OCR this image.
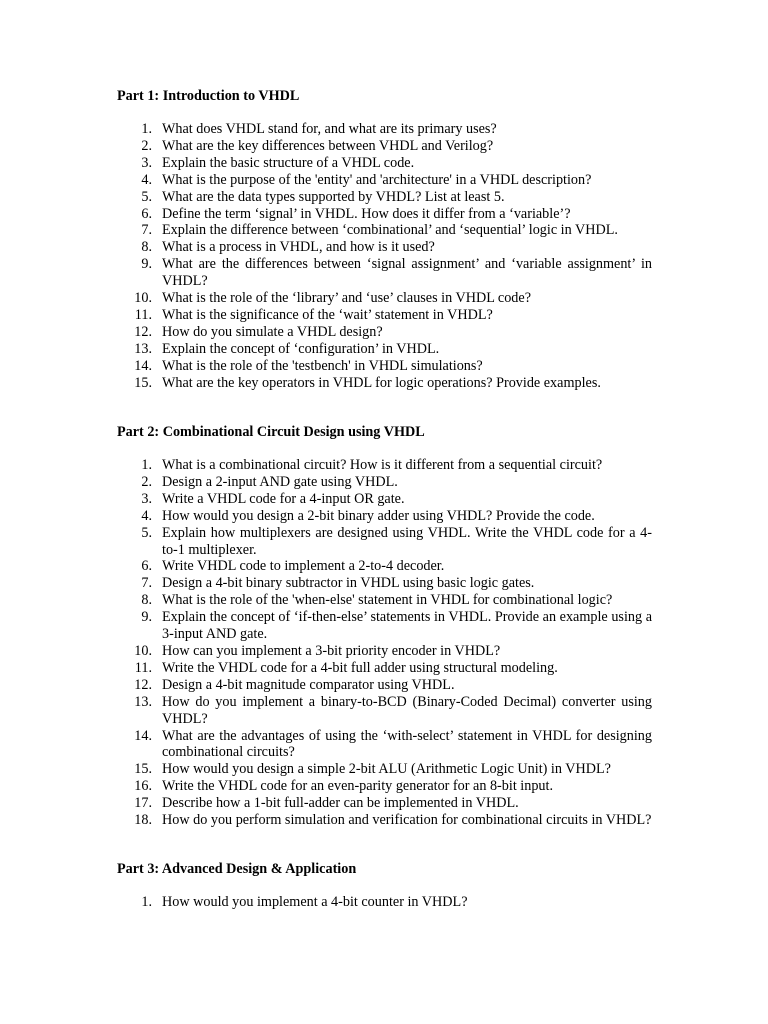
Part 1: Introduction to VHDL
1. What does VHDL stand for, and what are its primary uses?
2. What are the key differences between VHDL and Verilog?
3. Explain the basic structure of a VHDL code.
4. What is the purpose of the 'entity' and 'architecture' in a VHDL description?
5. What are the data types supported by VHDL? List at least 5.
6. Define the term ‘signal’ in VHDL. How does it differ from a ‘variable’?
7. Explain the difference between ‘combinational’ and ‘sequential’ logic in VHDL.
8. What is a process in VHDL, and how is it used?
9. What are the differences between ‘signal assignment’ and ‘variable assignment’ in VHDL?
10. What is the role of the ‘library’ and ‘use’ clauses in VHDL code?
11. What is the significance of the ‘wait’ statement in VHDL?
12. How do you simulate a VHDL design?
13. Explain the concept of ‘configuration’ in VHDL.
14. What is the role of the 'testbench' in VHDL simulations?
15. What are the key operators in VHDL for logic operations? Provide examples.
Part 2: Combinational Circuit Design using VHDL
1. What is a combinational circuit? How is it different from a sequential circuit?
2. Design a 2-input AND gate using VHDL.
3. Write a VHDL code for a 4-input OR gate.
4. How would you design a 2-bit binary adder using VHDL? Provide the code.
5. Explain how multiplexers are designed using VHDL. Write the VHDL code for a 4-to-1 multiplexer.
6. Write VHDL code to implement a 2-to-4 decoder.
7. Design a 4-bit binary subtractor in VHDL using basic logic gates.
8. What is the role of the 'when-else' statement in VHDL for combinational logic?
9. Explain the concept of ‘if-then-else’ statements in VHDL. Provide an example using a 3-input AND gate.
10. How can you implement a 3-bit priority encoder in VHDL?
11. Write the VHDL code for a 4-bit full adder using structural modeling.
12. Design a 4-bit magnitude comparator using VHDL.
13. How do you implement a binary-to-BCD (Binary-Coded Decimal) converter using VHDL?
14. What are the advantages of using the ‘with-select’ statement in VHDL for designing combinational circuits?
15. How would you design a simple 2-bit ALU (Arithmetic Logic Unit) in VHDL?
16. Write the VHDL code for an even-parity generator for an 8-bit input.
17. Describe how a 1-bit full-adder can be implemented in VHDL.
18. How do you perform simulation and verification for combinational circuits in VHDL?
Part 3: Advanced Design & Application
1. How would you implement a 4-bit counter in VHDL?
